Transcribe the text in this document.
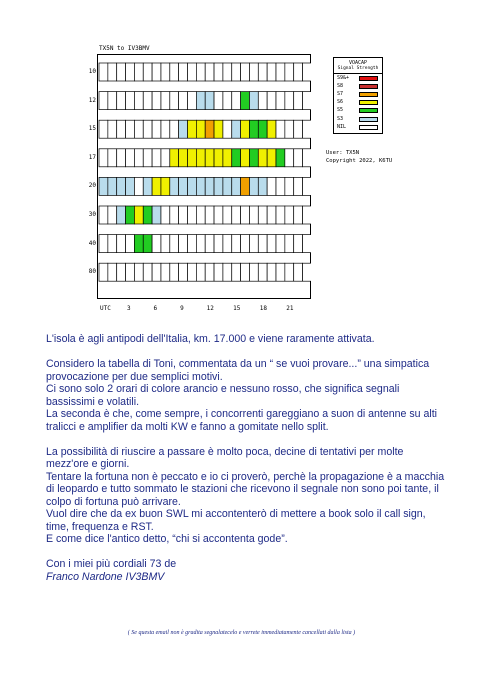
TX5N to IV3BMV
10
12
15
17
20
30
40
80
UTC	3	6	9	12	15	18	21
VOACAP
Signal Strength
S9&+
S8
S7
S6
S5
S3
NIL
User: TX5N
Copyright 2022, K6TU

L'isola è agli antipodi dell'Italia, km. 17.000 e viene raramente attivata.

Considero la tabella di Toni, commentata da un “ se vuoi provare...” una simpatica provocazione per due semplici motivi.
Ci sono solo 2 orari di colore arancio e nessuno rosso, che significa segnali bassissimi e volatili.
La seconda è che, come sempre, i concorrenti gareggiano a suon di antenne su alti tralicci e amplifier da molti KW e fanno a gomitate nello split.

La possibilità di riuscire a passare è molto poca, decine di tentativi per molte mezz'ore e giorni.
Tentare la fortuna non è peccato e io ci proverò, perchè la propagazione è a macchia di leopardo e tutto sommato le stazioni che ricevono il segnale non sono poi tante, il colpo di fortuna può arrivare.
Vuol dire che da ex buon SWL mi accontenterò di mettere a book solo il call sign, time, frequenza e RST.
E come dice l'antico detto, “chi si accontenta gode”.

Con i miei più cordiali 73 de
Franco Nardone IV3BMV

( Se questa email non è gradita segnalatecelo e verrete immediatamente cancellati dalla lista )
